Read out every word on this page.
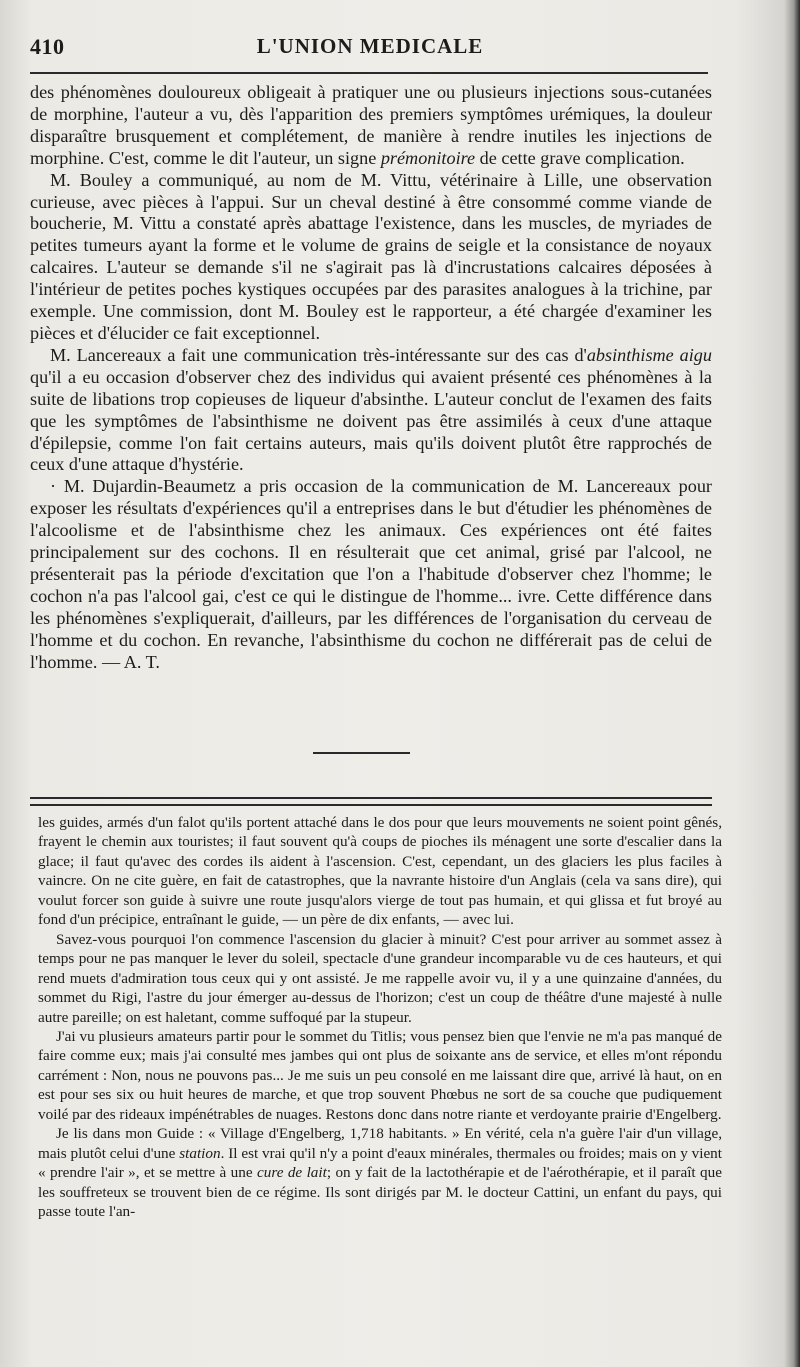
410	L'UNION MEDICALE

des phénomènes douloureux obligeait à pratiquer une ou plusieurs injections sous-cutanées de morphine, l'auteur a vu, dès l'apparition des premiers symptômes urémiques, la douleur disparaître brusquement et complétement, de manière à rendre inutiles les injections de morphine. C'est, comme le dit l'auteur, un signe prémonitoire de cette grave complication.

M. Bouley a communiqué, au nom de M. Vittu, vétérinaire à Lille, une observation curieuse, avec pièces à l'appui. Sur un cheval destiné à être consommé comme viande de boucherie, M. Vittu a constaté après abattage l'existence, dans les muscles, de myriades de petites tumeurs ayant la forme et le volume de grains de seigle et la consistance de noyaux calcaires. L'auteur se demande s'il ne s'agirait pas là d'incrustations calcaires déposées à l'intérieur de petites poches kystiques occupées par des parasites analogues à la trichine, par exemple. Une commission, dont M. Bouley est le rapporteur, a été chargée d'examiner les pièces et d'élucider ce fait exceptionnel.

M. Lancereaux a fait une communication très-intéressante sur des cas d'absinthisme aigu qu'il a eu occasion d'observer chez des individus qui avaient présenté ces phénomènes à la suite de libations trop copieuses de liqueur d'absinthe. L'auteur conclut de l'examen des faits que les symptômes de l'absinthisme ne doivent pas être assimilés à ceux d'une attaque d'épilepsie, comme l'on fait certains auteurs, mais qu'ils doivent plutôt être rapprochés de ceux d'une attaque d'hystérie.

· M. Dujardin-Beaumetz a pris occasion de la communication de M. Lancereaux pour exposer les résultats d'expériences qu'il a entreprises dans le but d'étudier les phénomènes de l'alcoolisme et de l'absinthisme chez les animaux. Ces expériences ont été faites principalement sur des cochons. Il en résulterait que cet animal, grisé par l'alcool, ne présenterait pas la période d'excitation que l'on a l'habitude d'observer chez l'homme; le cochon n'a pas l'alcool gai, c'est ce qui le distingue de l'homme... ivre. Cette différence dans les phénomènes s'expliquerait, d'ailleurs, par les différences de l'organisation du cerveau de l'homme et du cochon. En revanche, l'absinthisme du cochon ne différerait pas de celui de l'homme. — A. T.

les guides, armés d'un falot qu'ils portent attaché dans le dos pour que leurs mouvements ne soient point gênés, frayent le chemin aux touristes; il faut souvent qu'à coups de pioches ils ménagent une sorte d'escalier dans la glace; il faut qu'avec des cordes ils aident à l'ascension. C'est, cependant, un des glaciers les plus faciles à vaincre. On ne cite guère, en fait de catastrophes, que la navrante histoire d'un Anglais (cela va sans dire), qui voulut forcer son guide à suivre une route jusqu'alors vierge de tout pas humain, et qui glissa et fut broyé au fond d'un précipice, entraînant le guide, — un père de dix enfants, — avec lui.

Savez-vous pourquoi l'on commence l'ascension du glacier à minuit? C'est pour arriver au sommet assez à temps pour ne pas manquer le lever du soleil, spectacle d'une grandeur incomparable vu de ces hauteurs, et qui rend muets d'admiration tous ceux qui y ont assisté. Je me rappelle avoir vu, il y a une quinzaine d'années, du sommet du Rigi, l'astre du jour émerger au-dessus de l'horizon; c'est un coup de théâtre d'une majesté à nulle autre pareille; on est haletant, comme suffoqué par la stupeur.

J'ai vu plusieurs amateurs partir pour le sommet du Titlis; vous pensez bien que l'envie ne m'a pas manqué de faire comme eux; mais j'ai consulté mes jambes qui ont plus de soixante ans de service, et elles m'ont répondu carrément : Non, nous ne pouvons pas... Je me suis un peu consolé en me laissant dire que, arrivé là haut, on en est pour ses six ou huit heures de marche, et que trop souvent Phœbus ne sort de sa couche que pudiquement voilé par des rideaux impénétrables de nuages. Restons donc dans notre riante et verdoyante prairie d'Engelberg.

Je lis dans mon Guide : « Village d'Engelberg, 1,718 habitants. » En vérité, cela n'a guère l'air d'un village, mais plutôt celui d'une station. Il est vrai qu'il n'y a point d'eaux minérales, thermales ou froides; mais on y vient « prendre l'air », et se mettre à une cure de lait; on y fait de la lactothérapie et de l'aérothérapie, et il paraît que les souffreteux se trouvent bien de ce régime. Ils sont dirigés par M. le docteur Cattini, un enfant du pays, qui passe toute l'an-
